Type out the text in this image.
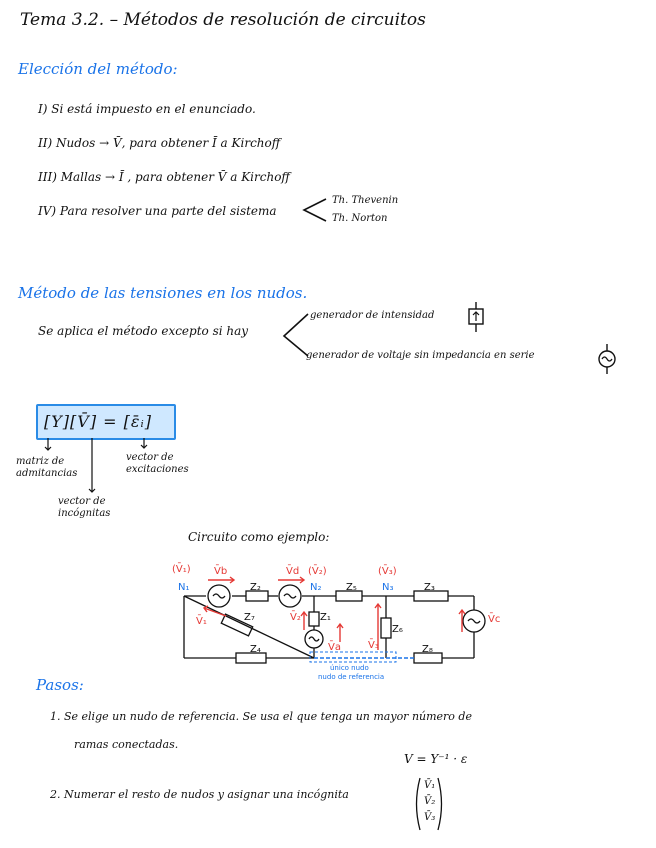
Tema 3.2. – Métodos de resolución de circuitos
Elección del método:
I) Si está impuesto en el enunciado.
II) Nudos → V̄, para obtener Ī a Kirchoff
III) Mallas → Ī , para obtener V̄ a Kirchoff
IV) Para resolver una parte del sistema
Th. Thevenin
Th. Norton
Método de las tensiones en los nudos.
Se aplica el método excepto si hay
generador de intensidad
generador de voltaje sin impedancia en serie
[Y][V̄] = [ε̄ᵢ]
matriz de admitancias
vector de excitaciones
vector de incógnitas
Circuito como ejemplo:
(V̄₁)
N₁
V̄b
Z₂
V̄d (V̄₂)
N₂ Z₅
(V̄₃)
N₃	Z₃
Z₇
V̄₁	Z₁
V̄₂
V̄a	V̄₃
Z₆
V̄c
Z₄	Z₈
único nudo
nudo de referencia
Pasos:
1. Se elige un nudo de referencia. Se usa el que tenga un mayor número de
ramas conectadas.
V = Y⁻¹ · ε
2. Numerar el resto de nudos y asignar una incógnita
V̄₁
V̄₂
V̄₃
